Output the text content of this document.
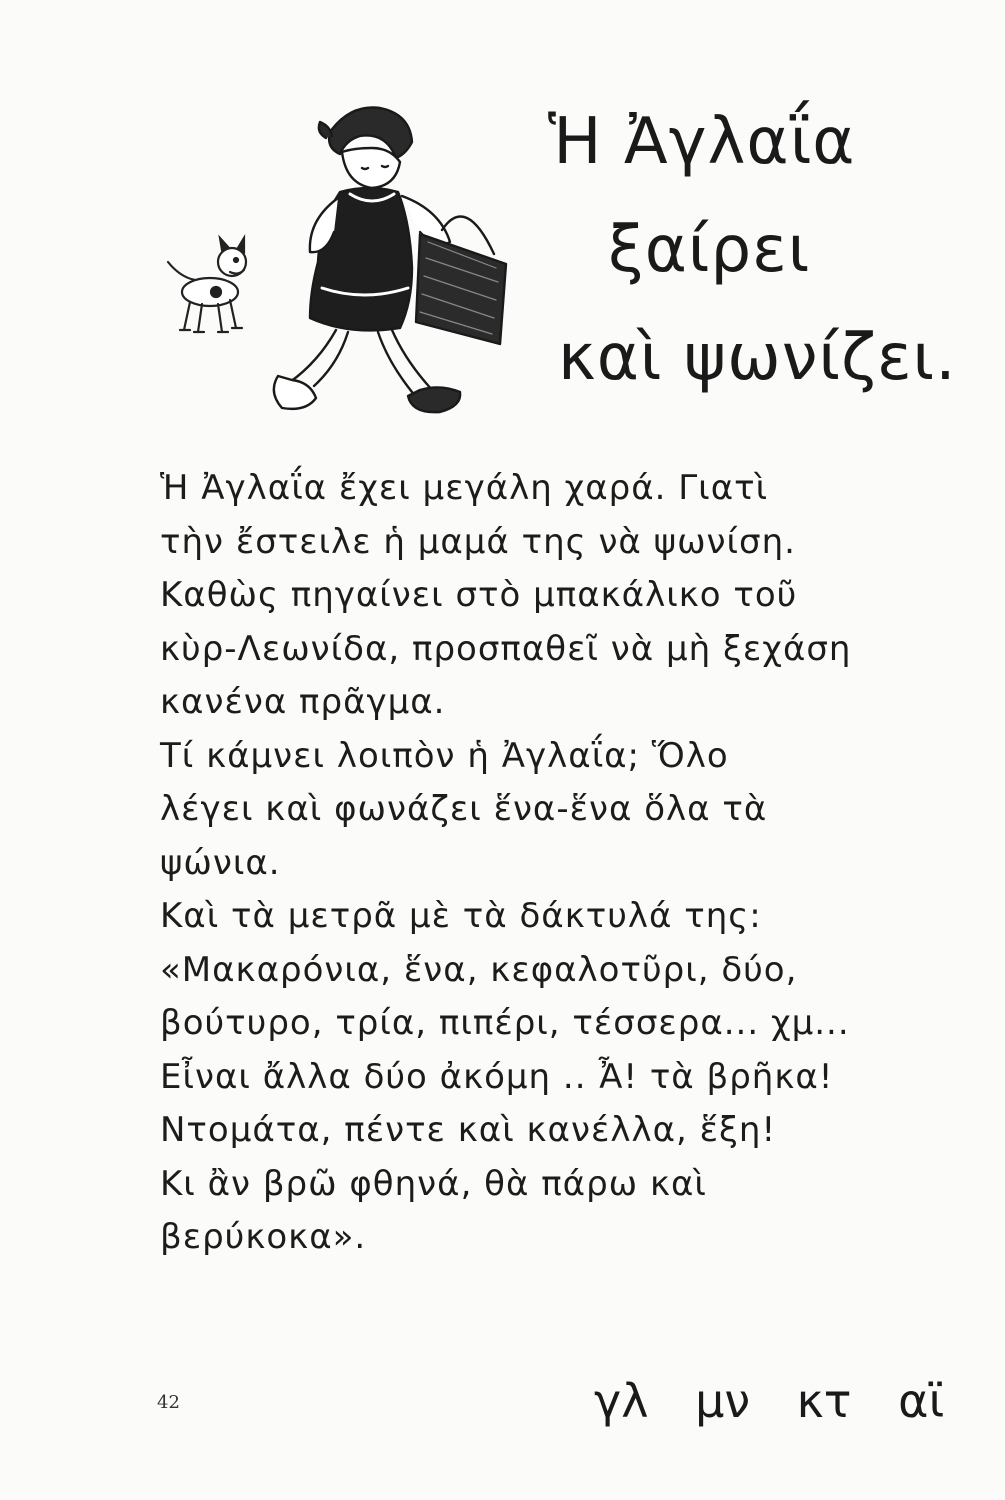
Ἡ Ἀγλαΐα
ξαίρει
καὶ ψωνίζει.
Ἡ Ἀγλαΐα ἔχει μεγάλη χαρά. Γιατὶ
τὴν ἔστειλε ἡ μαμά της νὰ ψωνίση.
Καθὼς πηγαίνει στὸ μπακάλικο τοῦ
κὺρ-Λεωνίδα, προσπαθεῖ νὰ μὴ ξεχάση
κανένα πρᾶγμα.
Τί κάμνει λοιπὸν ἡ Ἀγλαΐα; Ὅλο
λέγει καὶ φωνάζει ἕνα-ἕνα ὅλα τὰ
ψώνια.
Καὶ τὰ μετρᾶ μὲ τὰ δάκτυλά της:
«Μακαρόνια, ἕνα, κεφαλοτῦρι, δύο,
βούτυρο, τρία, πιπέρι, τέσσερα... χμ...
Εἶναι ἄλλα δύο ἀκόμη .. Ἆ! τὰ βρῆκα!
Ντομάτα, πέντε καὶ κανέλλα, ἕξη!
Κι ἂν βρῶ φθηνά, θὰ πάρω καὶ
βερύκοκα».
42	γλ μν κτ αϊ
